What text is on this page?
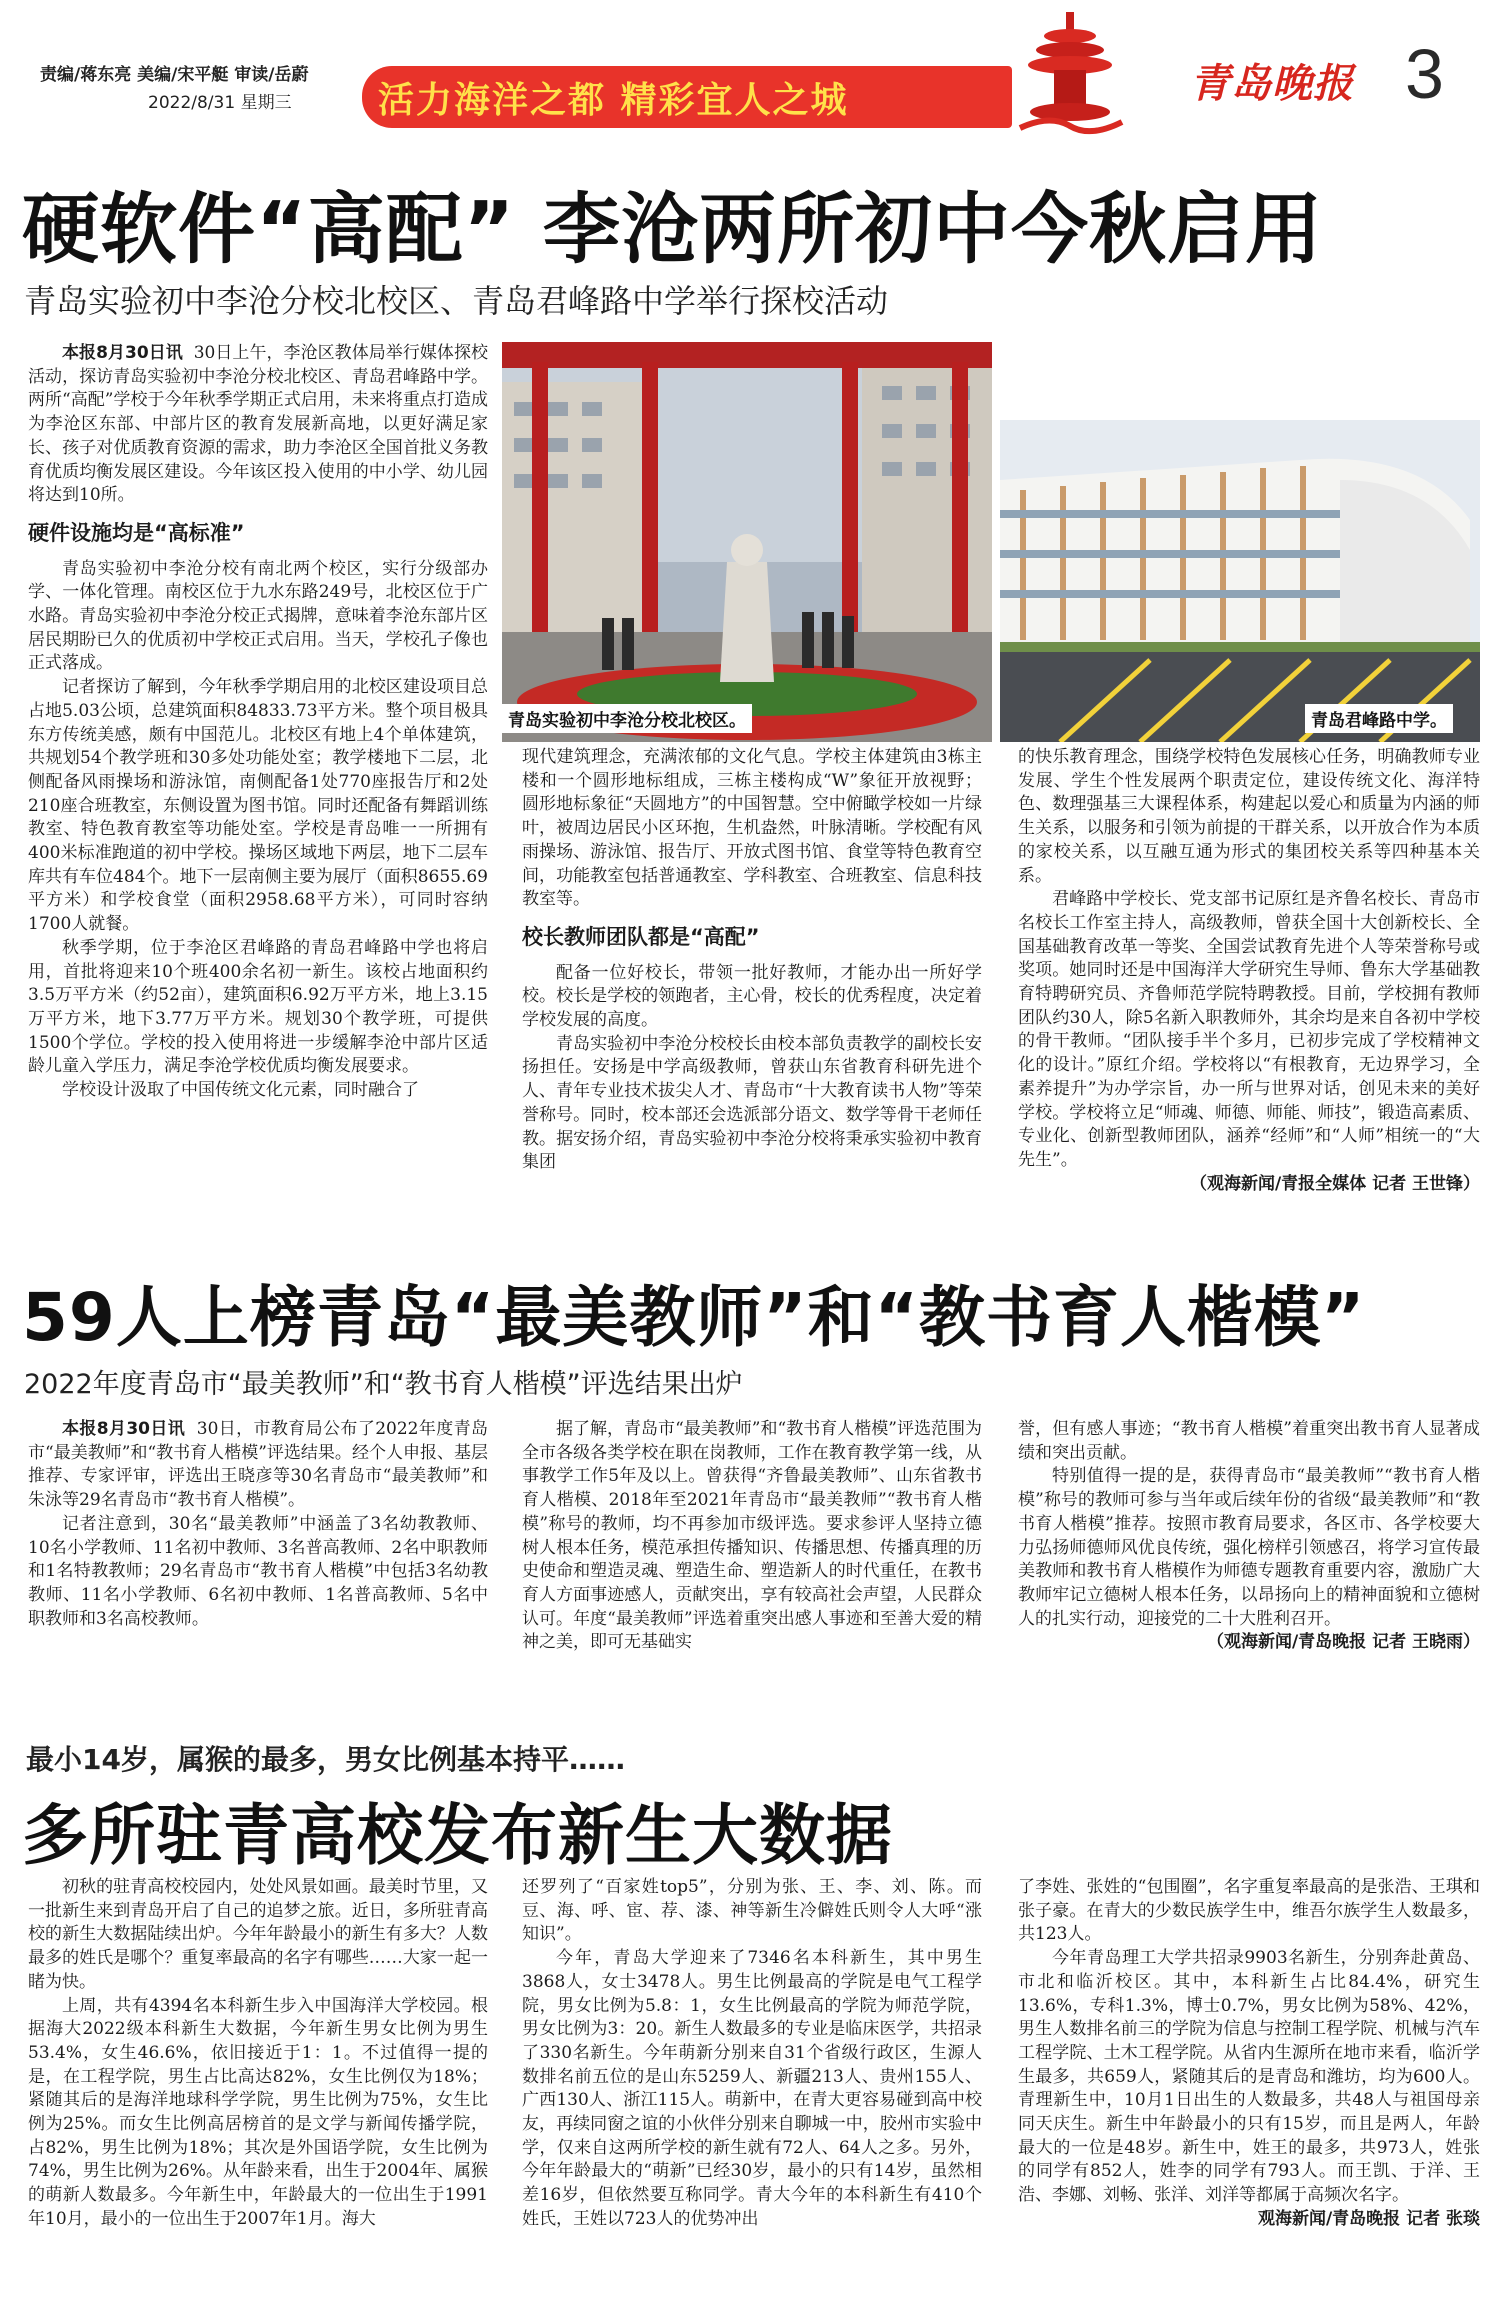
责编/蒋东亮 美编/宋平艇 审读/岳蔚
2022/8/31 星期三 活力海洋之都 精彩宜人之城	青岛晚报 3
硬软件“高配” 李沧两所初中今秋启用
青岛实验初中李沧分校北校区、青岛君峰路中学举行探校活动

本报8月30日讯 30日上午，李沧区教体局举行媒体探校活动，探访青岛实验初中李沧分校北校区、青岛君峰路中学。两所“高配”学校于今年秋季学期正式启用，未来将重点打造成为李沧区东部、中部片区的教育发展新高地，以更好满足家长、孩子对优质教育资源的需求，助力李沧区全国首批义务教育优质均衡发展区建设。今年该区投入使用的中小学、幼儿园将达到10所。

硬件设施均是“高标准”

青岛实验初中李沧分校有南北两个校区，实行分级部办学、一体化管理。南校区位于九水东路249号，北校区位于广水路。青岛实验初中李沧分校正式揭牌，意味着李沧东部片区居民期盼已久的优质初中学校正式启用。当天，学校孔子像也正式落成。

记者探访了解到，今年秋季学期启用的北校区建设项目总占地5.03公顷，总建筑面积84833.73平方米。整个项目极具东方传统美感，颇有中国范儿。北校区有地上4个单体建筑，共规划54个教学班和30多处功能处室；教学楼地下二层，北侧配备风雨操场和游泳馆，南侧配备1处770座报告厅和2处210座合班教室，东侧设置为图书馆。同时还配备有舞蹈训练教室、特色教育教室等功能处室。学校是青岛唯一一所拥有400米标准跑道的初中学校。操场区域地下两层，地下二层车库共有车位484个。地下一层南侧主要为展厅（面积8655.69平方米）和学校食堂（面积2958.68平方米），可同时容纳1700人就餐。

秋季学期，位于李沧区君峰路的青岛君峰路中学也将启用，首批将迎来10个班400余名初一新生。该校占地面积约3.5万平方米（约52亩），建筑面积6.92万平方米，地上3.15万平方米，地下3.77万平方米。规划30个教学班，可提供1500个学位。学校的投入使用将进一步缓解李沧中部片区适龄儿童入学压力，满足李沧学校优质均衡发展要求。

学校设计汲取了中国传统文化元素，同时融合了

青岛实验初中李沧分校北校区。	青岛君峰路中学。

现代建筑理念，充满浓郁的文化气息。学校主体建筑由3栋主楼和一个圆形地标组成，三栋主楼构成“W”象征开放视野；圆形地标象征“天圆地方”的中国智慧。空中俯瞰学校如一片绿叶，被周边居民小区环抱，生机盎然，叶脉清晰。学校配有风雨操场、游泳馆、报告厅、开放式图书馆、食堂等特色教育空间，功能教室包括普通教室、学科教室、合班教室、信息科技教室等。

校长教师团队都是“高配”

配备一位好校长，带领一批好教师，才能办出一所好学校。校长是学校的领跑者，主心骨，校长的优秀程度，决定着学校发展的高度。

青岛实验初中李沧分校校长由校本部负责教学的副校长安扬担任。安扬是中学高级教师，曾获山东省教育科研先进个人、青年专业技术拔尖人才、青岛市“十大教育读书人物”等荣誉称号。同时，校本部还会选派部分语文、数学等骨干老师任教。据安扬介绍，青岛实验初中李沧分校将秉承实验初中教育集团

的快乐教育理念，围绕学校特色发展核心任务，明确教师专业发展、学生个性发展两个职责定位，建设传统文化、海洋特色、数理强基三大课程体系，构建起以爱心和质量为内涵的师生关系，以服务和引领为前提的干群关系，以开放合作为本质的家校关系，以互融互通为形式的集团校关系等四种基本关系。

君峰路中学校长、党支部书记原红是齐鲁名校长、青岛市名校长工作室主持人，高级教师，曾获全国十大创新校长、全国基础教育改革一等奖、全国尝试教育先进个人等荣誉称号或奖项。她同时还是中国海洋大学研究生导师、鲁东大学基础教育特聘研究员、齐鲁师范学院特聘教授。目前，学校拥有教师团队约30人，除5名新入职教师外，其余均是来自各初中学校的骨干教师。“团队接手半个多月，已初步完成了学校精神文化的设计。”原红介绍。学校将以“有根教育，无边界学习，全素养提升”为办学宗旨，办一所与世界对话，创见未来的美好学校。学校将立足“师魂、师德、师能、师技”，锻造高素质、专业化、创新型教师团队，涵养“经师”和“人师”相统一的“大先生”。

（观海新闻/青报全媒体 记者 王世锋）

59人上榜青岛“最美教师”和“教书育人楷模”
2022年度青岛市“最美教师”和“教书育人楷模”评选结果出炉

本报8月30日讯 30日，市教育局公布了2022年度青岛市“最美教师”和“教书育人楷模”评选结果。经个人申报、基层推荐、专家评审，评选出王晓彦等30名青岛市“最美教师”和朱泳等29名青岛市“教书育人楷模”。

记者注意到，30名“最美教师”中涵盖了3名幼教教师、10名小学教师、11名初中教师、3名普高教师、2名中职教师和1名特教教师；29名青岛市“教书育人楷模”中包括3名幼教教师、11名小学教师、6名初中教师、1名普高教师、5名中职教师和3名高校教师。

据了解，青岛市“最美教师”和“教书育人楷模”评选范围为全市各级各类学校在职在岗教师，工作在教育教学第一线，从事教学工作5年及以上。曾获得“齐鲁最美教师”、山东省教书育人楷模、2018年至2021年青岛市“最美教师”“教书育人楷模”称号的教师，均不再参加市级评选。要求参评人坚持立德树人根本任务，模范承担传播知识、传播思想、传播真理的历史使命和塑造灵魂、塑造生命、塑造新人的时代重任，在教书育人方面事迹感人，贡献突出，享有较高社会声望，人民群众认可。年度“最美教师”评选着重突出感人事迹和至善大爱的精神之美，即可无基础实

誉，但有感人事迹；“教书育人楷模”着重突出教书育人显著成绩和突出贡献。

特别值得一提的是，获得青岛市“最美教师”“教书育人楷模”称号的教师可参与当年或后续年份的省级“最美教师”和“教书育人楷模”推荐。按照市教育局要求，各区市、各学校要大力弘扬师德师风优良传统，强化榜样引领感召，将学习宣传最美教师和教书育人楷模作为师德专题教育重要内容，激励广大教师牢记立德树人根本任务，以昂扬向上的精神面貌和立德树人的扎实行动，迎接党的二十大胜利召开。

（观海新闻/青岛晚报 记者 王晓雨）

最小14岁，属猴的最多，男女比例基本持平……
多所驻青高校发布新生大数据

初秋的驻青高校校园内，处处风景如画。最美时节里，又一批新生来到青岛开启了自己的追梦之旅。近日，多所驻青高校的新生大数据陆续出炉。今年年龄最小的新生有多大？人数最多的姓氏是哪个？重复率最高的名字有哪些……大家一起一睹为快。

上周，共有4394名本科新生步入中国海洋大学校园。根据海大2022级本科新生大数据，今年新生男女比例为男生53.4%，女生46.6%，依旧接近于1：1。不过值得一提的是，在工程学院，男生占比高达82%，女生比例仅为18%；紧随其后的是海洋地球科学学院，男生比例为75%，女生比例为25%。而女生比例高居榜首的是文学与新闻传播学院，占82%，男生比例为18%；其次是外国语学院，女生比例为74%，男生比例为26%。从年龄来看，出生于2004年、属猴的萌新人数最多。今年新生中，年龄最大的一位出生于1991年10月，最小的一位出生于2007年1月。海大

还罗列了“百家姓top5”，分别为张、王、李、刘、陈。而豆、海、呼、宦、荐、漆、神等新生冷僻姓氏则令人大呼“涨知识”。

今年，青岛大学迎来了7346名本科新生，其中男生3868人，女士3478人。男生比例最高的学院是电气工程学院，男女比例为5.8：1，女生比例最高的学院为师范学院，男女比例为3：20。新生人数最多的专业是临床医学，共招录了330名新生。今年萌新分别来自31个省级行政区，生源人数排名前五位的是山东5259人、新疆213人、贵州155人、广西130人、浙江115人。萌新中，在青大更容易碰到高中校友，再续同窗之谊的小伙伴分别来自聊城一中，胶州市实验中学，仅来自这两所学校的新生就有72人、64人之多。另外，今年年龄最大的“萌新”已经30岁，最小的只有14岁，虽然相差16岁，但依然要互称同学。青大今年的本科新生有410个姓氏，王姓以723人的优势冲出

了李姓、张姓的“包围圈”，名字重复率最高的是张浩、王琪和张子豪。在青大的少数民族学生中，维吾尔族学生人数最多，共123人。

今年青岛理工大学共招录9903名新生，分别奔赴黄岛、市北和临沂校区。其中，本科新生占比84.4%，研究生13.6%，专科1.3%，博士0.7%，男女比例为58%、42%，男生人数排名前三的学院为信息与控制工程学院、机械与汽车工程学院、土木工程学院。从省内生源所在地市来看，临沂学生最多，共659人，紧随其后的是青岛和潍坊，均为600人。青理新生中，10月1日出生的人数最多，共48人与祖国母亲同天庆生。新生中年龄最小的只有15岁，而且是两人，年龄最大的一位是48岁。新生中，姓王的最多，共973人，姓张的同学有852人，姓李的同学有793人。而王凯、于洋、王浩、李娜、刘畅、张洋、刘洋等都属于高频次名字。

观海新闻/青岛晚报 记者 张琰
